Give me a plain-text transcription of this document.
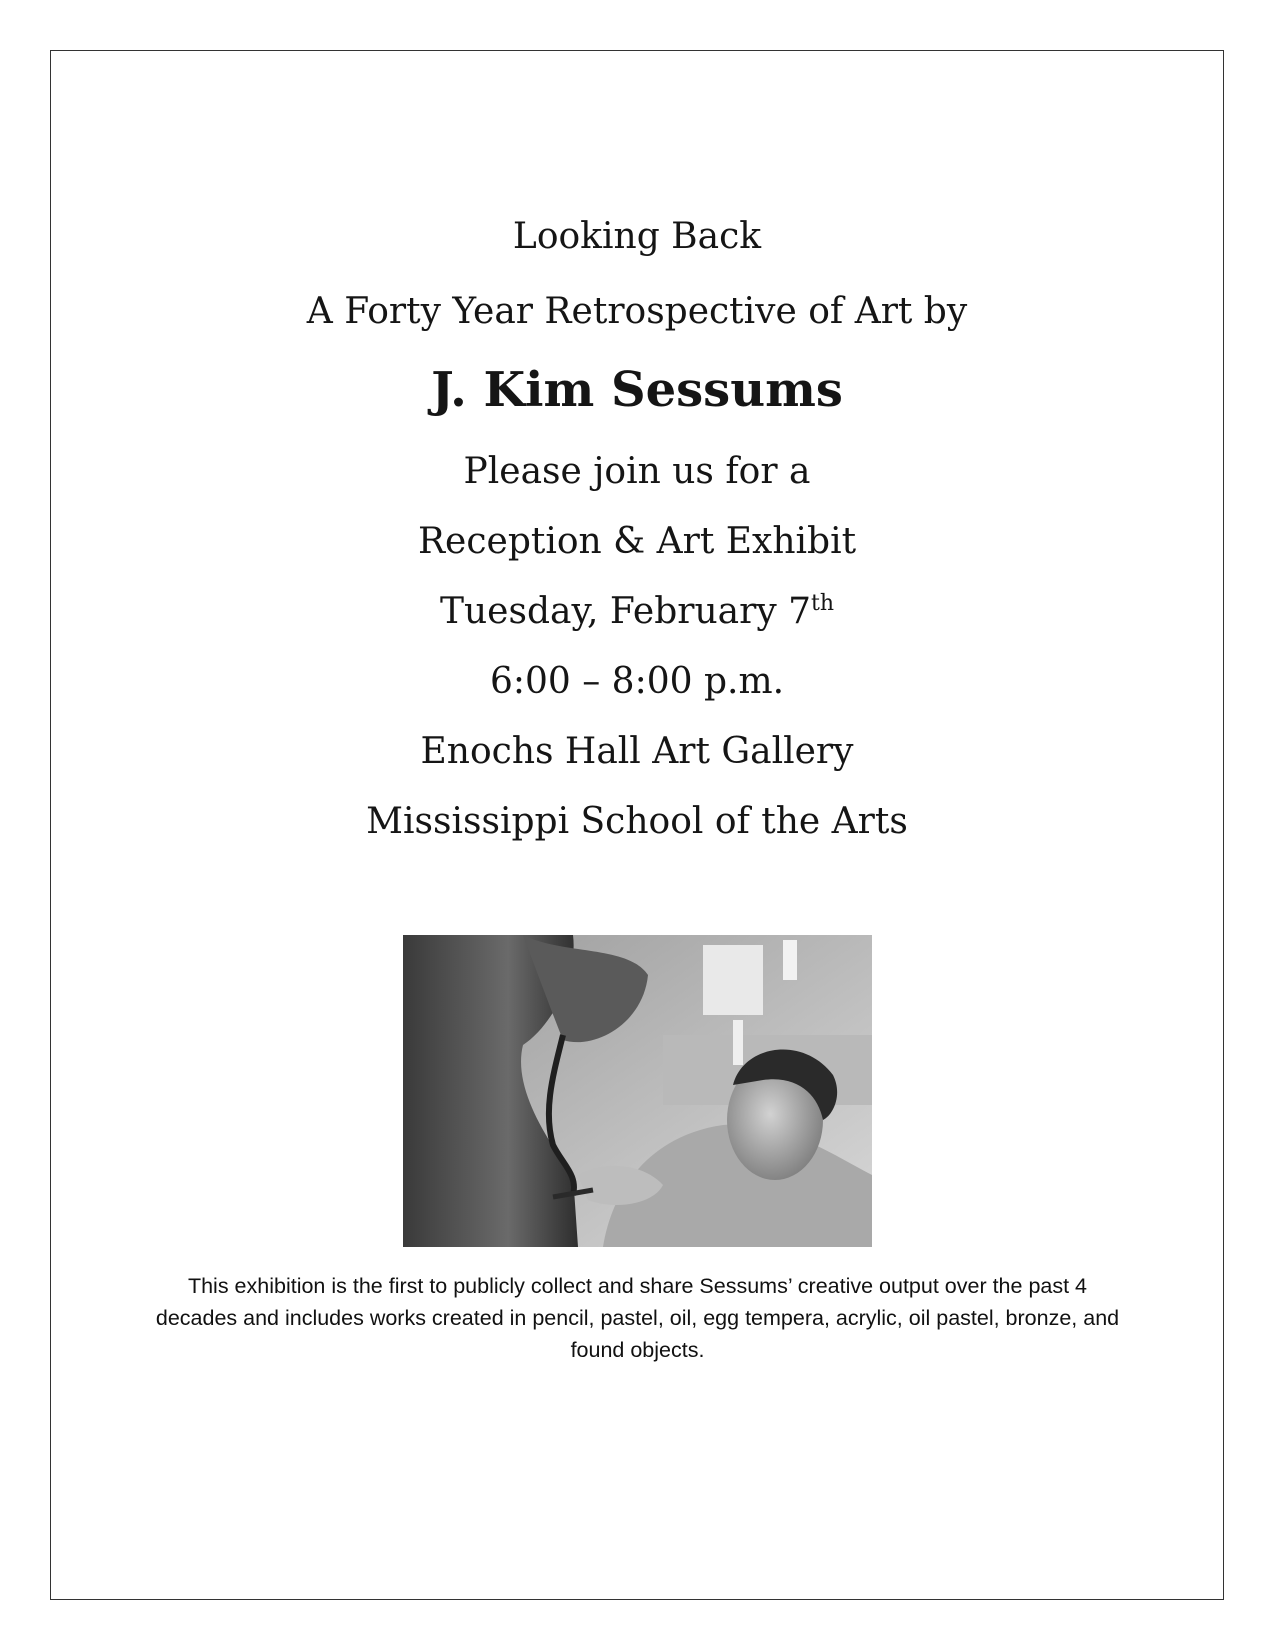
Looking Back
A Forty Year Retrospective of Art by
J. Kim Sessums
Please join us for a
Reception & Art Exhibit
Tuesday, February 7th
6:00 – 8:00 p.m.
Enochs Hall Art Gallery
Mississippi School of the Arts
This exhibition is the first to publicly collect and share Sessums’ creative output over the past 4 decades and includes works created in pencil, pastel, oil, egg tempera, acrylic, oil pastel, bronze, and found objects.
